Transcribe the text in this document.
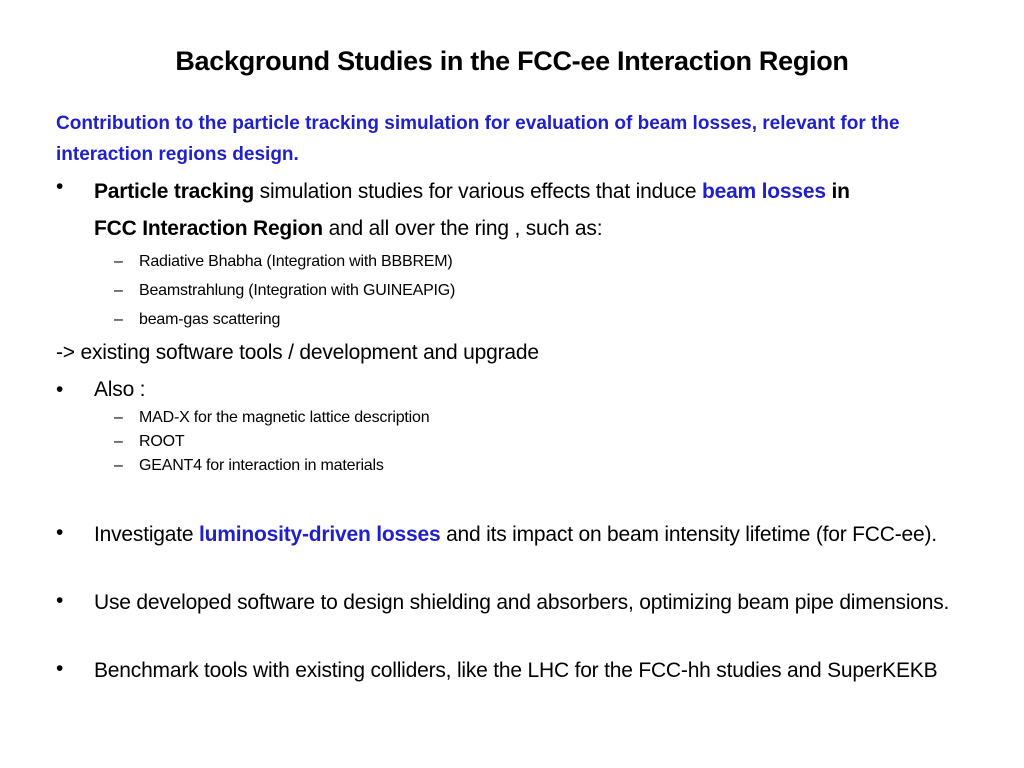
Background Studies in the FCC-ee Interaction Region
Contribution to the particle tracking simulation for evaluation of beam losses, relevant for the interaction regions design.
• Particle tracking simulation studies for various effects that induce beam losses in
FCC Interaction Region and all over the ring , such as:
– Radiative Bhabha (Integration with BBBREM)
– Beamstrahlung (Integration with GUINEAPIG)
– beam-gas scattering
-> existing software tools / development and upgrade
• Also :
– MAD-X for the magnetic lattice description
– ROOT
– GEANT4 for interaction in materials
• Investigate luminosity-driven losses and its impact on beam intensity lifetime (for FCC-ee).
• Use developed software to design shielding and absorbers, optimizing beam pipe dimensions.
• Benchmark tools with existing colliders, like the LHC for the FCC-hh studies and SuperKEKB
